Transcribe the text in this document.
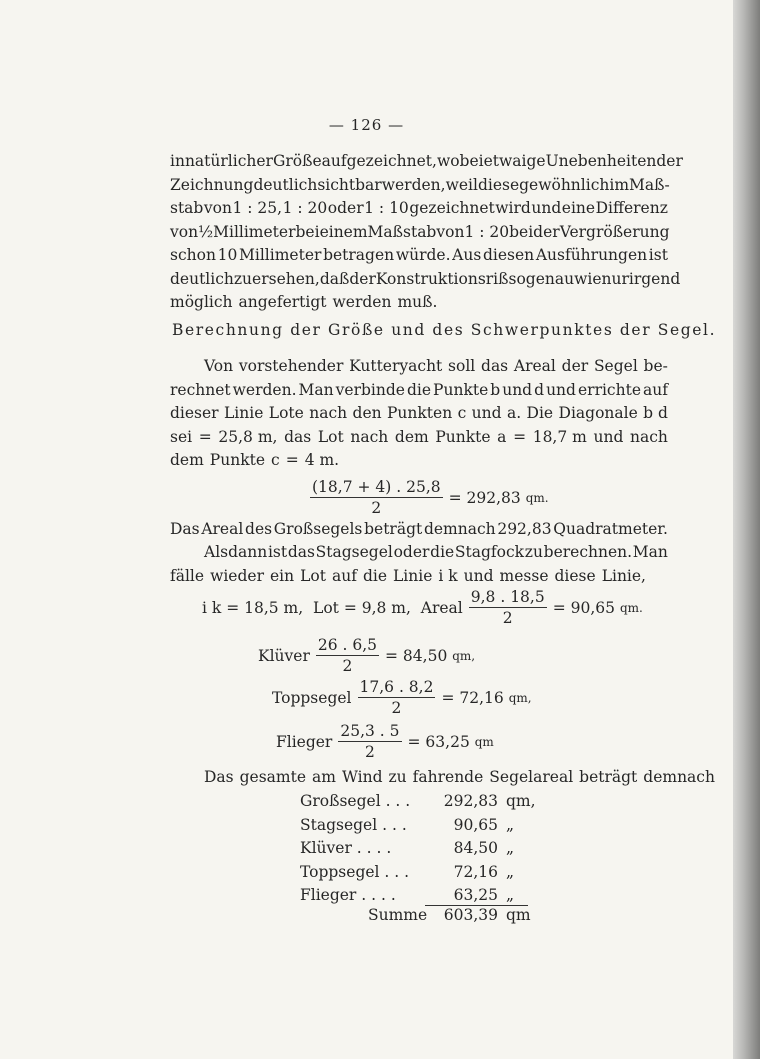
— 126 —
in natürlicher Größe aufgezeichnet, wobei etwaige Unebenheiten der
Zeichnung deutlich sichtbar werden, weil diese gewöhnlich im Maß-
stab von 1 : 25, 1 : 20 oder 1 : 10 gezeichnet wird und eine Differenz
von ½ Millimeter bei einem Maßstab von 1 : 20 bei der Vergrößerung
schon 10 Millimeter betragen würde. Aus diesen Ausführungen ist
deutlich zu ersehen, daß der Konstruktionsriß so genau wie nur irgend
möglich angefertigt werden muß.
Berechnung der Größe und des Schwerpunktes der Segel.
Von vorstehender Kutteryacht soll das Areal der Segel be-
rechnet werden. Man verbinde die Punkte b und d und errichte auf
dieser Linie Lote nach den Punkten c und a. Die Diagonale b d
sei = 25,8 m, das Lot nach dem Punkte a = 18,7 m und nach
dem Punkte c = 4 m.
$\frac{(18,7 + 4) . 25,8}{2} = 292,83$
qm.
Das Areal des Großsegels beträgt demnach 292,83 Quadratmeter.
Alsdann ist das Stagsegel oder die Stagfock zu berechnen. Man
fälle wieder ein Lot auf die Linie i k und messe diese Linie,
i k = 18,5 m,  Lot = 9,8 m,  Areal $\frac{9,8 . 18,5}{2} = 90,65$
qm.
Klüver $\frac{26 . 6,5}{2} = 84,50$
qm,
Toppsegel $\frac{17,6 . 8,2}{2} = 72,16$
qm,
Flieger $\frac{25,3 . 5}{2} = 63,25$
qm
Das gesamte am Wind zu fahrende Segelareal beträgt demnach
Großsegel . . .	292,83 qm,
Stagsegel . . .	90,65 „
Klüver . . . .	84,50 „
Toppsegel . . .	72,16 „
Flieger . . . .	63,25 „
Summe	603,39 qm
